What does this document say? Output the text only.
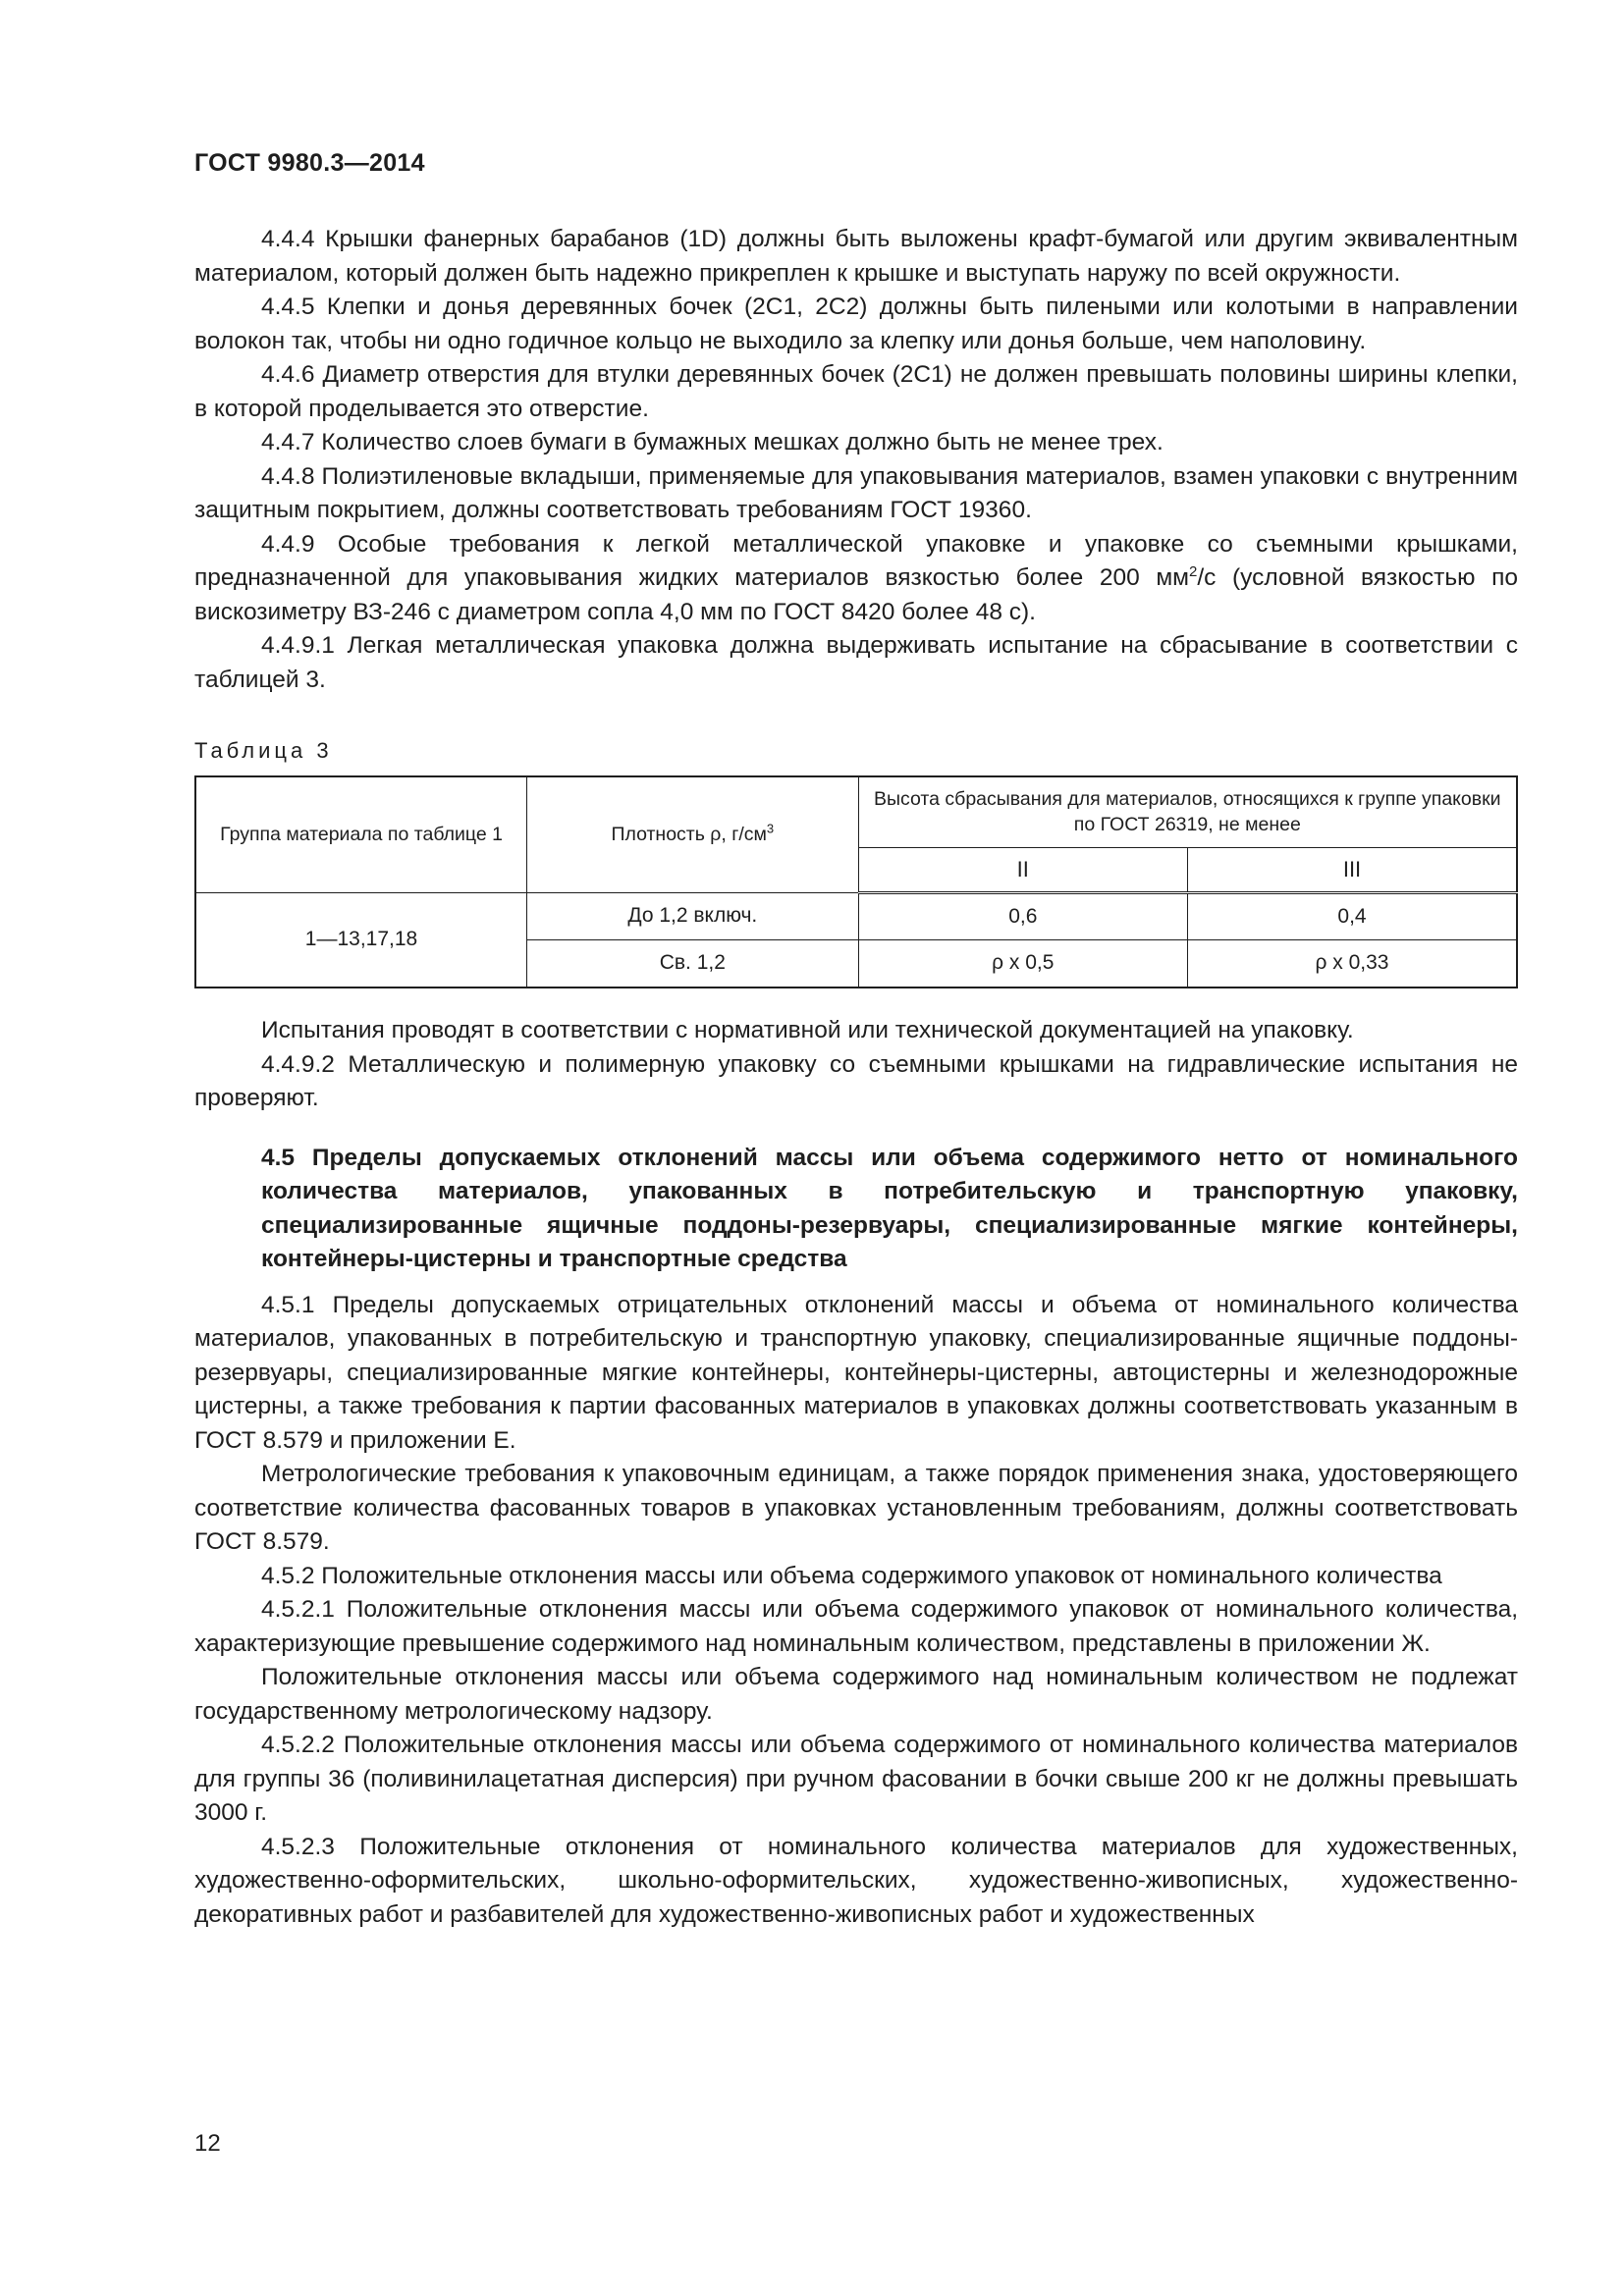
ГОСТ 9980.3—2014

4.4.4 Крышки фанерных барабанов (1D) должны быть выложены крафт-бумагой или другим эквивалентным материалом, который должен быть надежно прикреплен к крышке и выступать наружу по всей окружности.

4.4.5 Клепки и донья деревянных бочек (2С1, 2С2) должны быть пилеными или колотыми в направлении волокон так, чтобы ни одно годичное кольцо не выходило за клепку или донья больше, чем наполовину.

4.4.6 Диаметр отверстия для втулки деревянных бочек (2С1) не должен превышать половины ширины клепки, в которой проделывается это отверстие.

4.4.7 Количество слоев бумаги в бумажных мешках должно быть не менее трех.

4.4.8 Полиэтиленовые вкладыши, применяемые для упаковывания материалов, взамен упаковки с внутренним защитным покрытием, должны соответствовать требованиям ГОСТ 19360.

4.4.9 Особые требования к легкой металлической упаковке и упаковке со съемными крышками, предназначенной для упаковывания жидких материалов вязкостью более 200 $мм^2/с$ (условной вязкостью по вискозиметру ВЗ-246 с диаметром сопла 4,0 мм по ГОСТ 8420 более 48 с).

4.4.9.1 Легкая металлическая упаковка должна выдерживать испытание на сбрасывание в соответствии с таблицей 3.

Таблица 3
Группа материала по таблице 1	Плотность ρ, $г/см^3$	Высота сбрасывания для материалов, относящихся к группе упаковки по ГОСТ 26319, не менее	
		II	III
1—13,17,18	До 1,2 включ.	0,6	0,4
	Св. 1,2	ρ x 0,5	ρ x 0,33

Испытания проводят в соответствии с нормативной или технической документацией на упаковку.

4.4.9.2 Металлическую и полимерную упаковку со съемными крышками на гидравлические испытания не проверяют.

4.5 Пределы допускаемых отклонений массы или объема содержимого нетто от номинального количества материалов, упакованных в потребительскую и транспортную упаковку, специализированные ящичные поддоны-резервуары, специализированные мягкие контейнеры, контейнеры-цистерны и транспортные средства

4.5.1 Пределы допускаемых отрицательных отклонений массы и объема от номинального количества материалов, упакованных в потребительскую и транспортную упаковку, специализированные ящичные поддоны-резервуары, специализированные мягкие контейнеры, контейнеры-цистерны, автоцистерны и железнодорожные цистерны, а также требования к партии фасованных материалов в упаковках должны соответствовать указанным в ГОСТ 8.579 и приложении Е.

Метрологические требования к упаковочным единицам, а также порядок применения знака, удостоверяющего соответствие количества фасованных товаров в упаковках установленным требованиям, должны соответствовать ГОСТ 8.579.

4.5.2 Положительные отклонения массы или объема содержимого упаковок от номинального количества

4.5.2.1 Положительные отклонения массы или объема содержимого упаковок от номинального количества, характеризующие превышение содержимого над номинальным количеством, представлены в приложении Ж.

Положительные отклонения массы или объема содержимого над номинальным количеством не подлежат государственному метрологическому надзору.

4.5.2.2 Положительные отклонения массы или объема содержимого от номинального количества материалов для группы 36 (поливинилацетатная дисперсия) при ручном фасовании в бочки свыше 200 кг не должны превышать 3000 г.

4.5.2.3 Положительные отклонения от номинального количества материалов для художественных, художественно-оформительских, школьно-оформительских, художественно-живописных, художественно-декоративных работ и разбавителей для художественно-живописных работ и художественных

12
